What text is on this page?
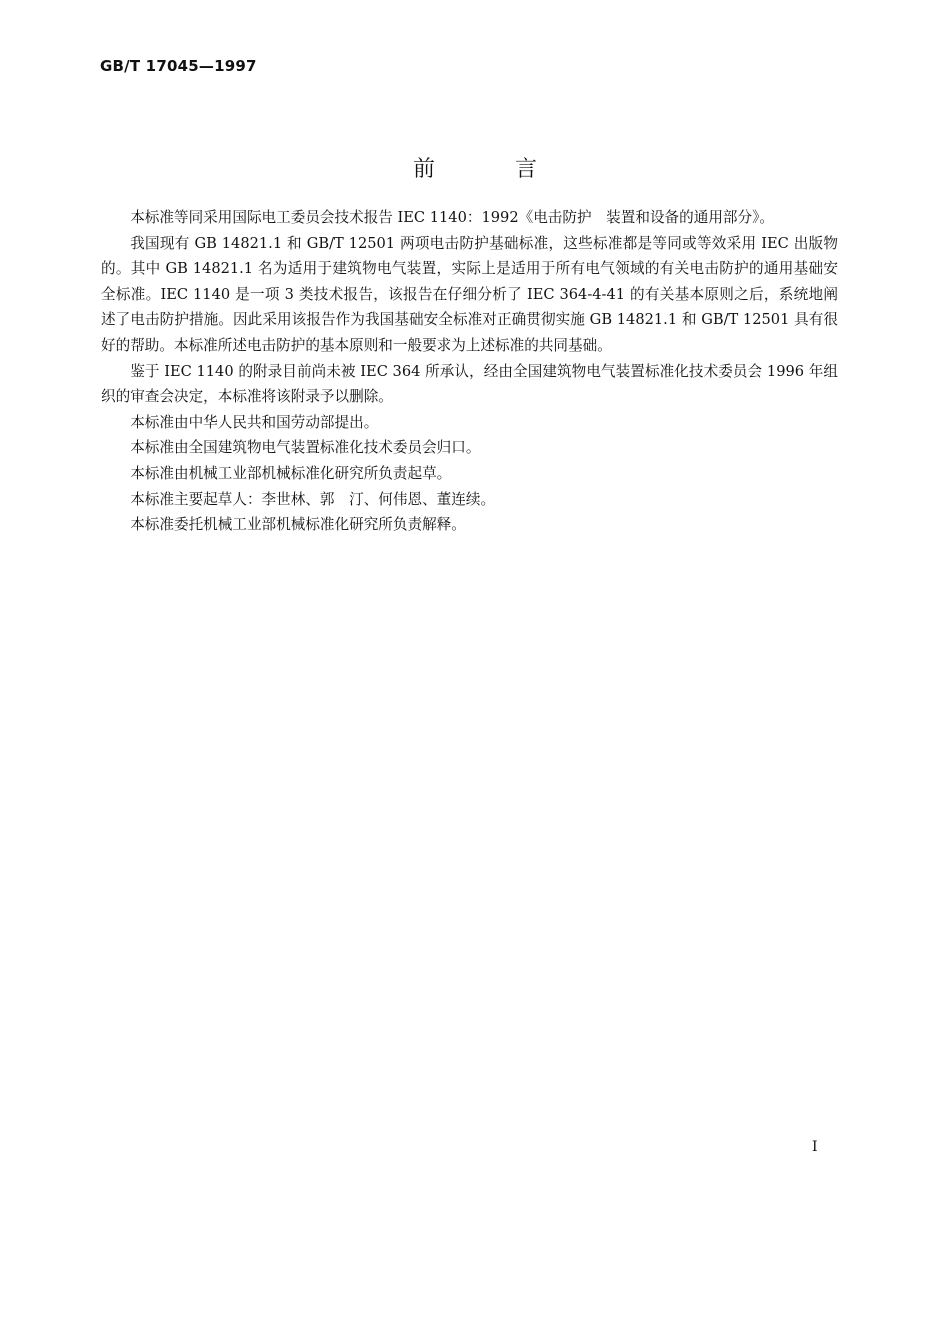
GB/T 17045—1997
前言

本标准等同采用国际电工委员会技术报告 IEC 1140：1992《电击防护　装置和设备的通用部分》。

我国现有 GB 14821.1 和 GB/T 12501 两项电击防护基础标准，这些标准都是等同或等效采用 IEC 出版物的。其中 GB 14821.1 名为适用于建筑物电气装置，实际上是适用于所有电气领域的有关电击防护的通用基础安全标准。IEC 1140 是一项 3 类技术报告，该报告在仔细分析了 IEC 364-4-41 的有关基本原则之后，系统地阐述了电击防护措施。因此采用该报告作为我国基础安全标准对正确贯彻实施 GB 14821.1 和 GB/T 12501 具有很好的帮助。本标准所述电击防护的基本原则和一般要求为上述标准的共同基础。

鉴于 IEC 1140 的附录目前尚未被 IEC 364 所承认，经由全国建筑物电气装置标准化技术委员会 1996 年组织的审查会决定，本标准将该附录予以删除。

本标准由中华人民共和国劳动部提出。

本标准由全国建筑物电气装置标准化技术委员会归口。

本标准由机械工业部机械标准化研究所负责起草。

本标准主要起草人：李世林、郭　汀、何伟恩、董连续。

本标准委托机械工业部机械标准化研究所负责解释。

I
